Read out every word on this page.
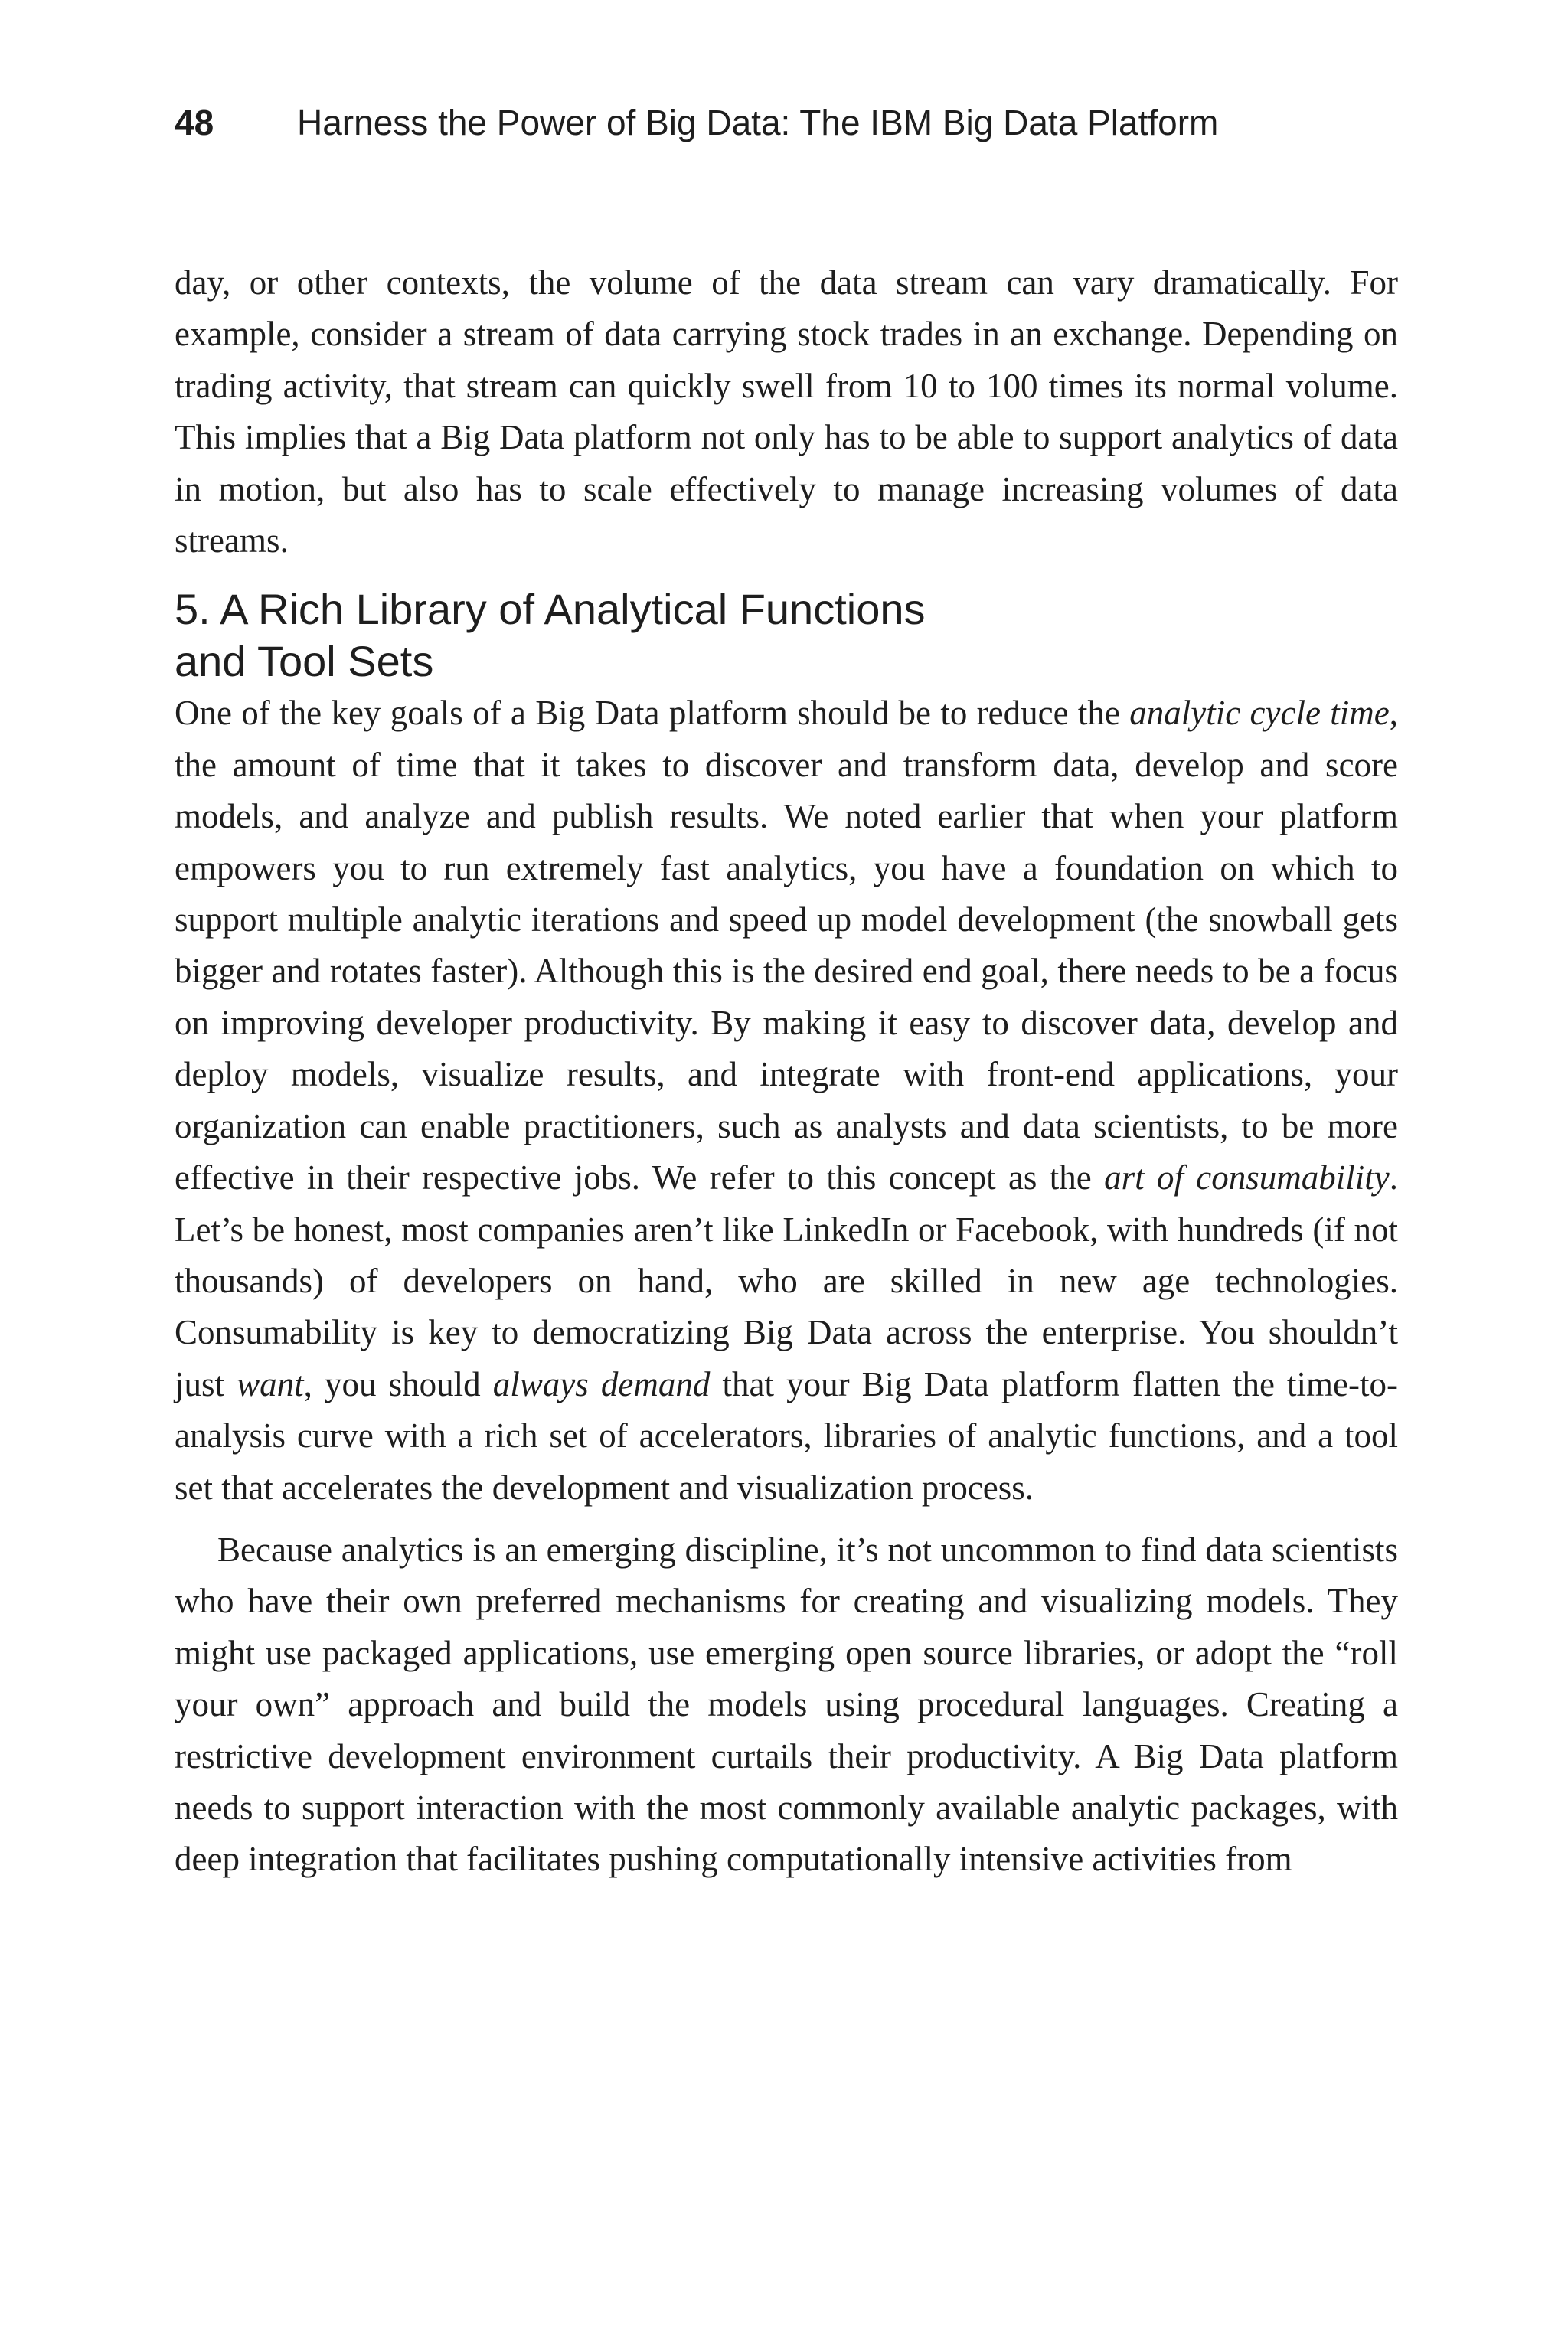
48 Harness the Power of Big Data: The IBM Big Data Platform

day, or other contexts, the volume of the data stream can vary dramatically. For example, consider a stream of data carrying stock trades in an exchange. Depending on trading activity, that stream can quickly swell from 10 to 100 times its normal volume. This implies that a Big Data platform not only has to be able to support analytics of data in motion, but also has to scale effectively to manage increasing volumes of data streams.

5. A Rich Library of Analytical Functions
and Tool Sets

One of the key goals of a Big Data platform should be to reduce the analytic cycle time, the amount of time that it takes to discover and transform data, develop and score models, and analyze and publish results. We noted earlier that when your platform empowers you to run extremely fast analytics, you have a foundation on which to support multiple analytic iterations and speed up model development (the snowball gets bigger and rotates faster). Although this is the desired end goal, there needs to be a focus on improving developer productivity. By making it easy to discover data, develop and deploy models, visualize results, and integrate with front-end applications, your organization can enable practitioners, such as analysts and data scientists, to be more effective in their respective jobs. We refer to this concept as the art of consumability. Let’s be honest, most companies aren’t like LinkedIn or Facebook, with hundreds (if not thousands) of developers on hand, who are skilled in new age technologies. Consumability is key to democratizing Big Data across the enterprise. You shouldn’t just want, you should always demand that your Big Data platform flatten the time-to-analysis curve with a rich set of accelerators, libraries of analytic functions, and a tool set that accelerates the development and visualization process.

Because analytics is an emerging discipline, it’s not uncommon to find data scientists who have their own preferred mechanisms for creating and visualizing models. They might use packaged applications, use emerging open source libraries, or adopt the “roll your own” approach and build the models using procedural languages. Creating a restrictive development environment curtails their productivity. A Big Data platform needs to support interaction with the most commonly available analytic packages, with deep integration that facilitates pushing computationally intensive activities from
